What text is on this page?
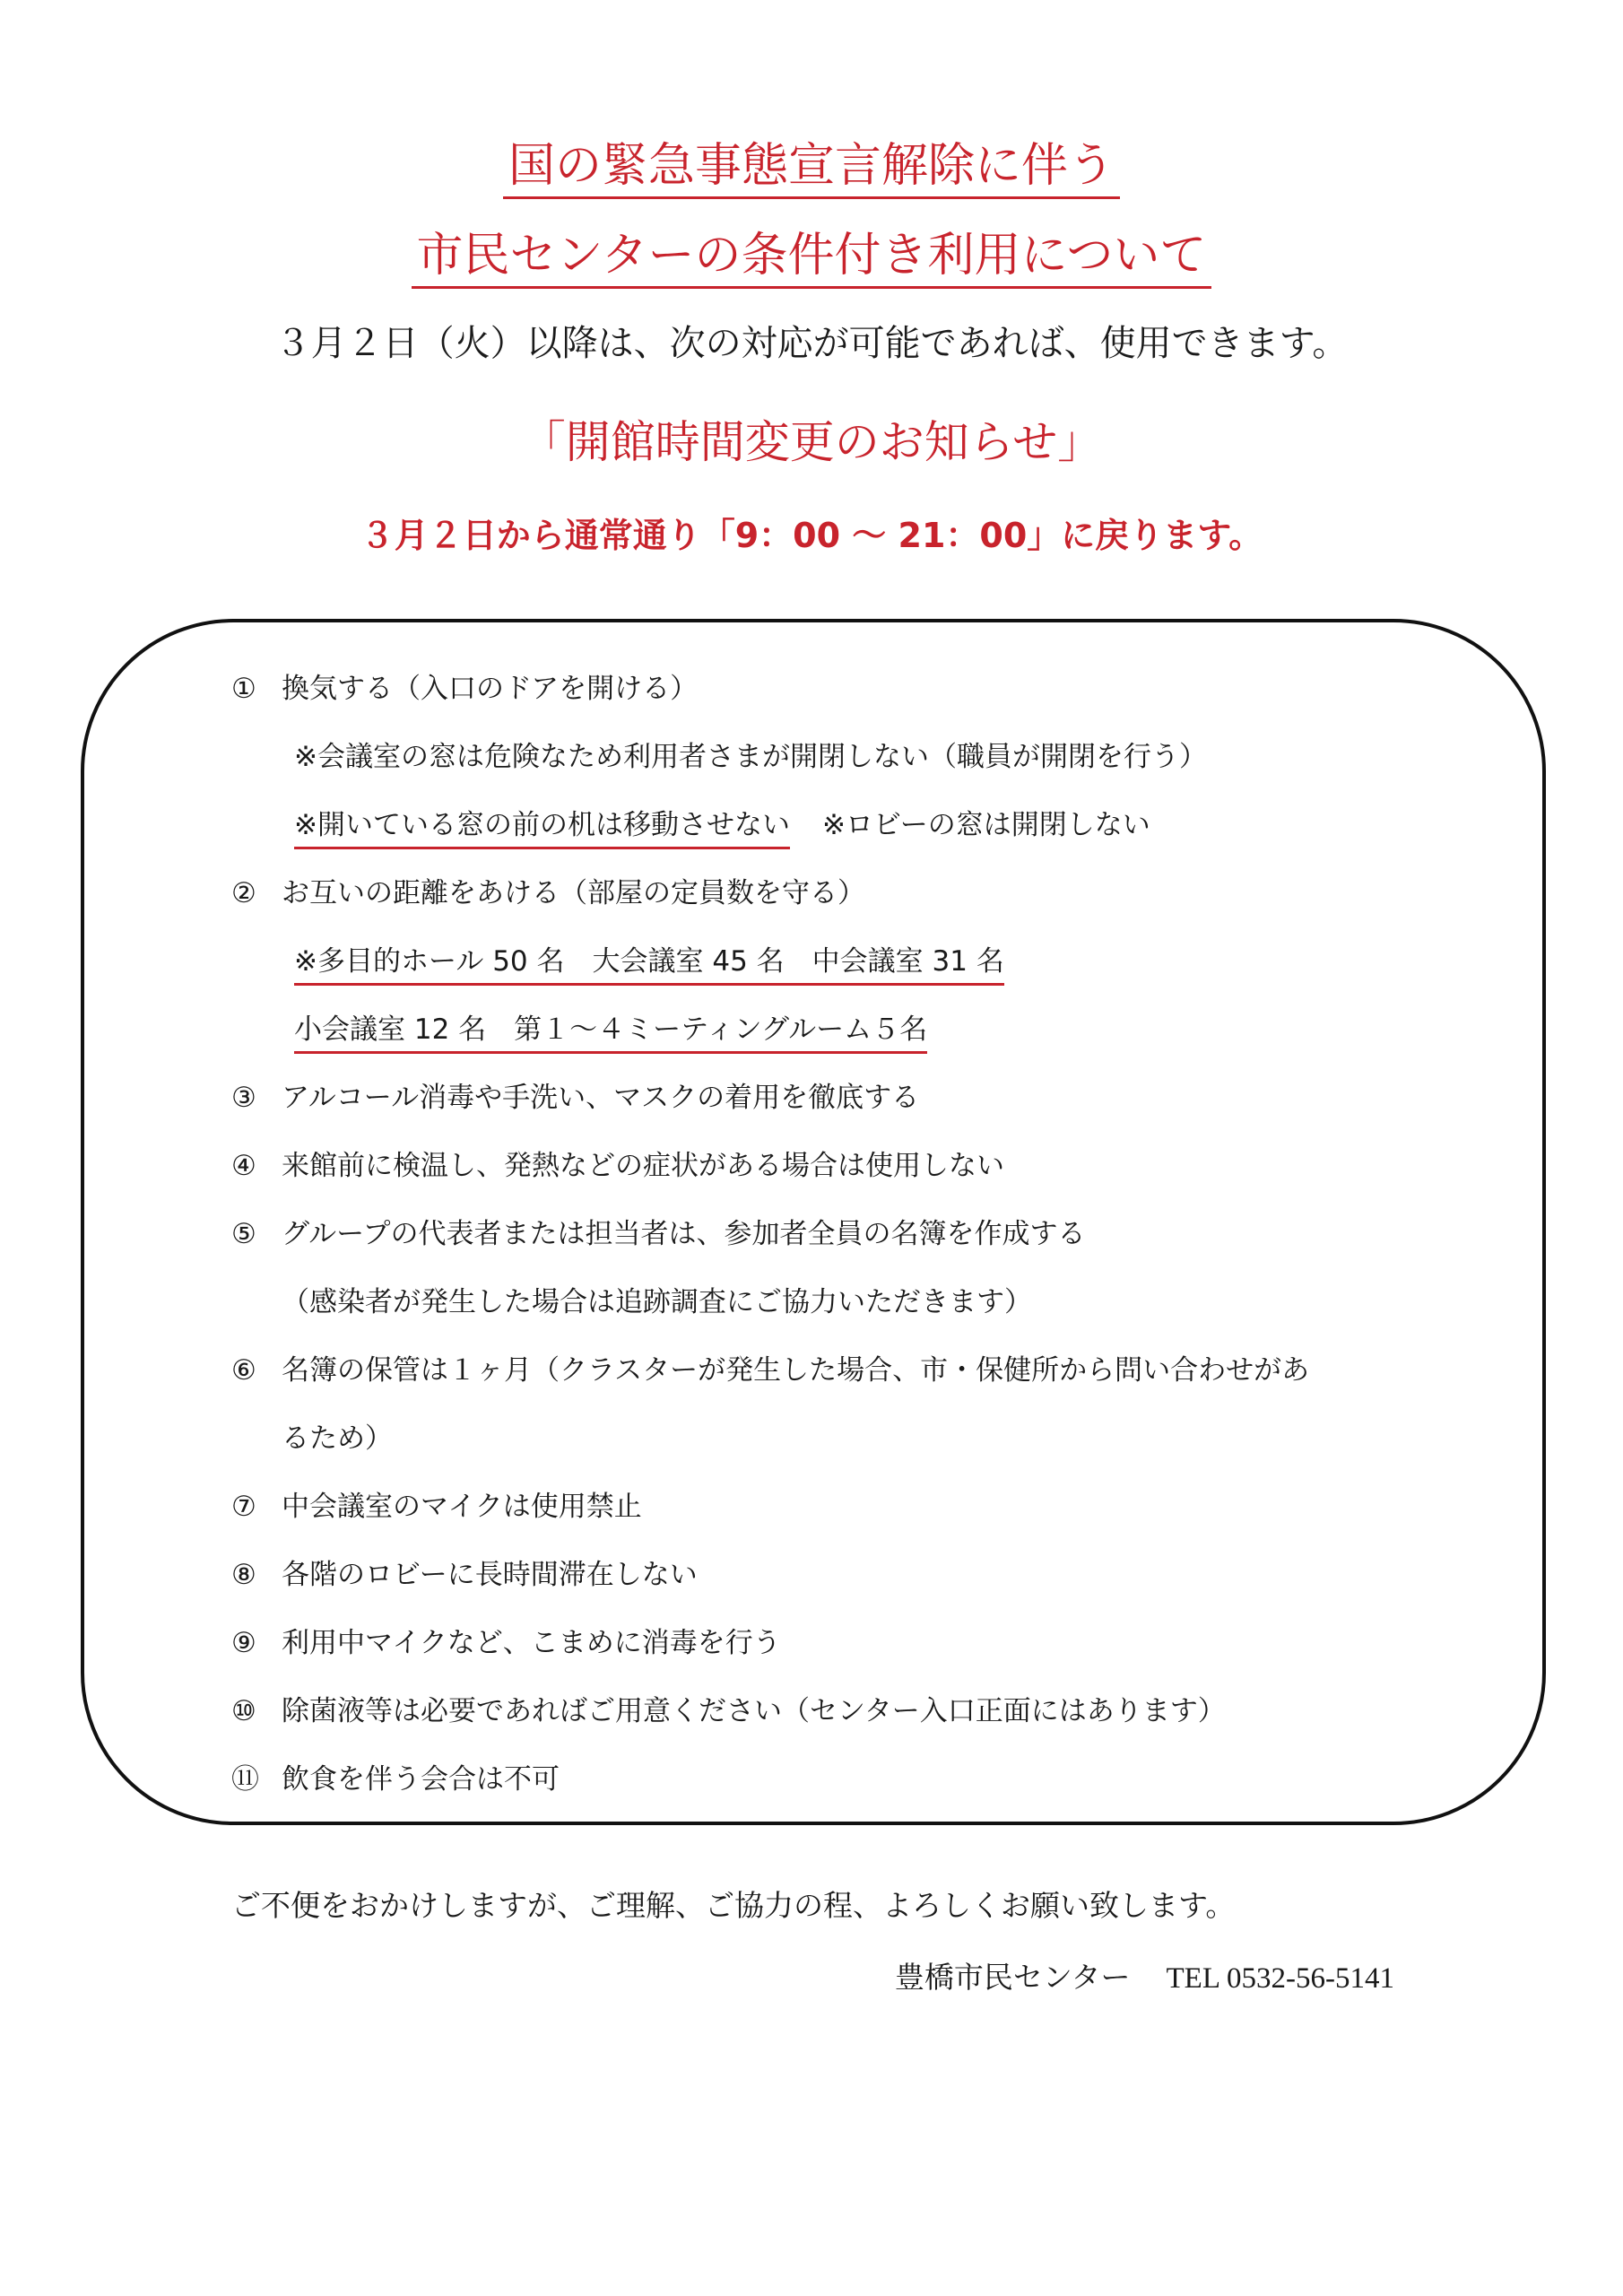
国の緊急事態宣言解除に伴う
市民センターの条件付き利用について
３月２日（火）以降は、次の対応が可能であれば、使用できます。
「開館時間変更のお知らせ」
３月２日から通常通り「9：00 ～ 21：00」に戻ります。
① 換気する（入口のドアを開ける）
※会議室の窓は危険なため利用者さまが開閉しない（職員が開閉を行う）
※開いている窓の前の机は移動させない ※ロビーの窓は開閉しない
② お互いの距離をあける（部屋の定員数を守る）
※多目的ホール 50 名　大会議室 45 名　中会議室 31 名
小会議室 12 名　第１～４ミーティングルーム５名
③ アルコール消毒や手洗い、マスクの着用を徹底する
④ 来館前に検温し、発熱などの症状がある場合は使用しない
⑤ グループの代表者または担当者は、参加者全員の名簿を作成する
（感染者が発生した場合は追跡調査にご協力いただきます）
⑥ 名簿の保管は１ヶ月（クラスターが発生した場合、市・保健所から問い合わせがあ
るため）
⑦ 中会議室のマイクは使用禁止
⑧ 各階のロビーに長時間滞在しない
⑨ 利用中マイクなど、こまめに消毒を行う
⑩ 除菌液等は必要であればご用意ください（センター入口正面にはあります）
⑪ 飲食を伴う会合は不可
ご不便をおかけしますが、ご理解、ご協力の程、よろしくお願い致します。
豊橋市民センター TEL 0532-56-5141
